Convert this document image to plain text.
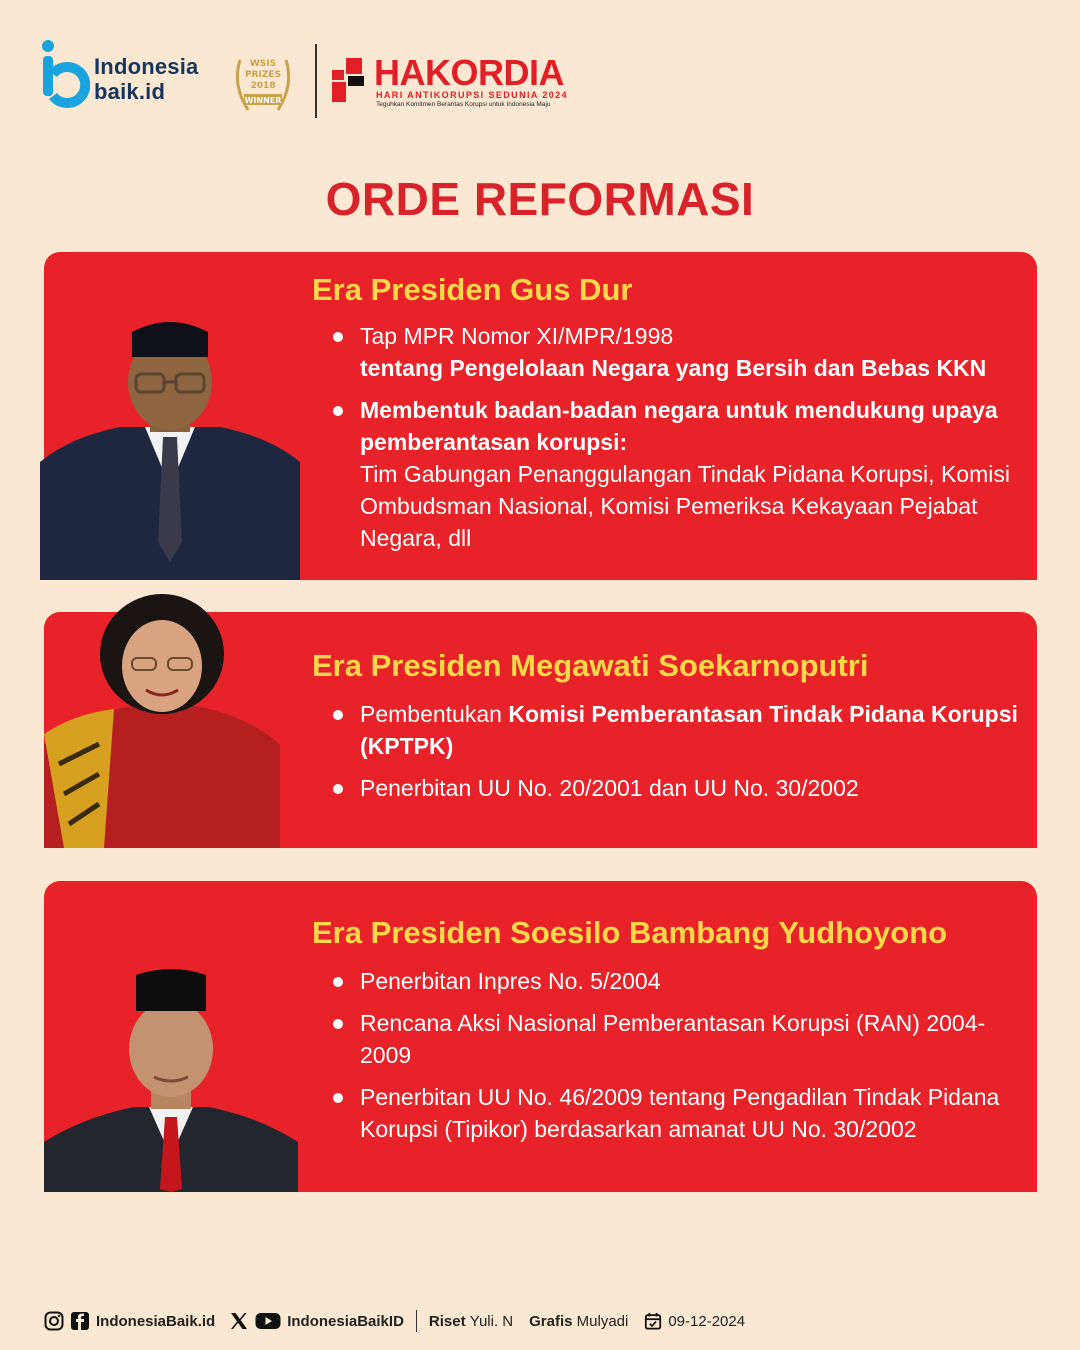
Indonesia
baik.id
WSIS
PRIZES
2018
WINNER
HAKORDIA
HARI ANTIKORUPSI SEDUNIA 2024
Teguhkan Komitmen Berantas Korupsi untuk Indonesia Maju
ORDE REFORMASI
Era Presiden Gus Dur
Tap MPR Nomor XI/MPR/1998
tentang Pengelolaan Negara yang Bersih dan Bebas KKN
Membentuk badan-badan negara untuk mendukung upaya pemberantasan korupsi:
Tim Gabungan Penanggulangan Tindak Pidana Korupsi, Komisi Ombudsman Nasional, Komisi Pemeriksa Kekayaan Pejabat Negara, dll
Era Presiden Megawati Soekarnoputri
Pembentukan Komisi Pemberantasan Tindak Pidana Korupsi (KPTPK)
Penerbitan UU No. 20/2001 dan UU No. 30/2002
Era Presiden Soesilo Bambang Yudhoyono
Penerbitan Inpres No. 5/2004
Rencana Aksi Nasional Pemberantasan Korupsi (RAN) 2004-2009
Penerbitan UU No. 46/2009 tentang Pengadilan Tindak Pidana Korupsi (Tipikor) berdasarkan amanat UU No. 30/2002
IndonesiaBaik.id	IndonesiaBaikID Riset
Yuli. N Grafis
Mulyadi	09-12-2024
